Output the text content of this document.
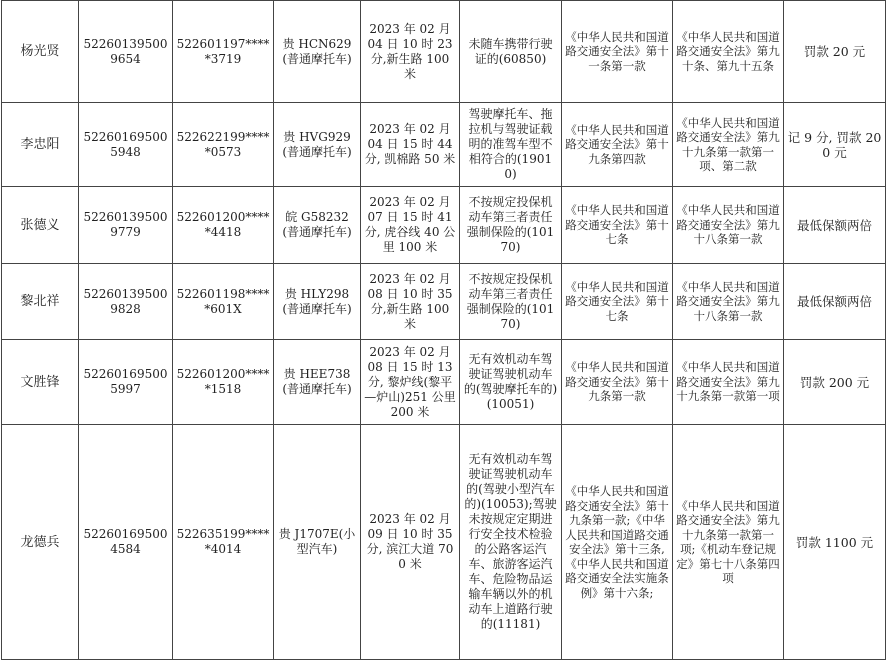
杨光贤	522601395009654	522601197*****3719	贵 HCN629(普通摩托车)	2023 年 02 月 04 日 10 时 23 分,新生路 100 米	未随车携带行驶证的(60850)	《中华人民共和国道路交通安全法》第十一条第一款	《中华人民共和国道路交通安全法》第九十条、第九十五条	罚款 20 元

李忠阳	522601695005948	522622199*****0573	贵 HVG929(普通摩托车)	2023 年 02 月 04 日 15 时 44 分, 凯棉路 50 米	驾驶摩托车、拖拉机与驾驶证载明的准驾车型不相符合的(19010)	《中华人民共和国道路交通安全法》第十九条第四款	《中华人民共和国道路交通安全法》第九十九条第一款第一项、第二款	记 9 分, 罚款 200 元

张德义	522601395009779	522601200*****4418	皖 G58232(普通摩托车)	2023 年 02 月 07 日 15 时 41 分, 虎谷线 40 公里 100 米	不按规定投保机动车第三者责任强制保险的(10170)	《中华人民共和国道路交通安全法》第十七条	《中华人民共和国道路交通安全法》第九十八条第一款	最低保额两倍

黎北祥	522601395009828	522601198*****601X	贵 HLY298(普通摩托车)	2023 年 02 月 08 日 10 时 35 分,新生路 100 米	不按规定投保机动车第三者责任强制保险的(10170)	《中华人民共和国道路交通安全法》第十七条	《中华人民共和国道路交通安全法》第九十八条第一款	最低保额两倍

文胜锋	522601695005997	522601200*****1518	贵 HEE738(普通摩托车)	2023 年 02 月 08 日 15 时 13 分, 黎炉线(黎平—炉山)251 公里 200 米	无有效机动车驾驶证驾驶机动车的(驾驶摩托车的)(10051)	《中华人民共和国道路交通安全法》第十九条第一款	《中华人民共和国道路交通安全法》第九十九条第一款第一项	罚款 200 元

龙德兵	522601695004584	522635199*****4014	贵 J1707E(小型汽车)	2023 年 02 月 09 日 10 时 35 分, 滨江大道 700 米	无有效机动车驾驶证驾驶机动车的(驾驶小型汽车的)(10053);驾驶未按规定定期进行安全技术检验的公路客运汽车、旅游客运汽车、危险物品运输车辆以外的机动车上道路行驶的(11181)	《中华人民共和国道路交通安全法》第十九条第一款;《中华人民共和国道路交通安全法》第十三条,《中华人民共和国道路交通安全法实施条例》第十六条;	《中华人民共和国道路交通安全法》第九十九条第一款第一项;《机动车登记规定》第七十八条第四项	罚款 1100 元
